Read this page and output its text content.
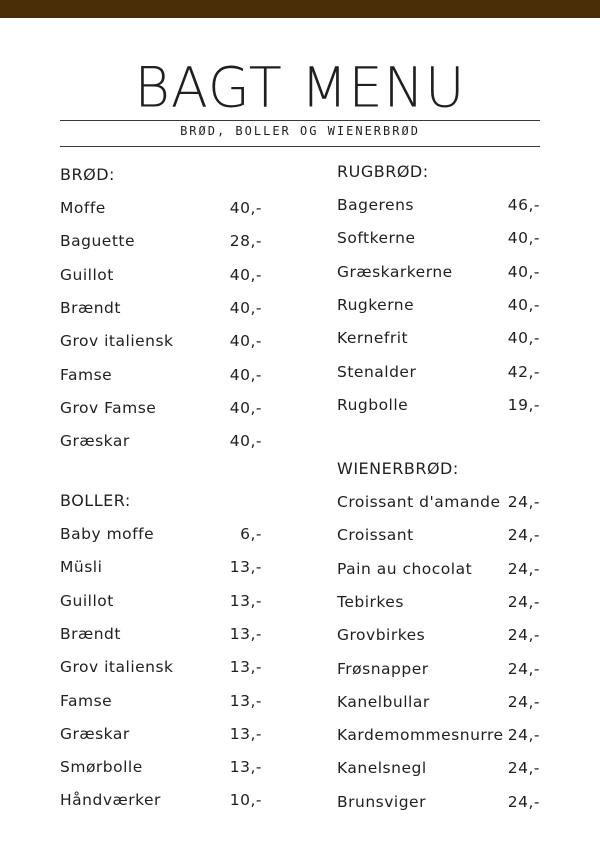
BAGT MENU
BRØD, BOLLER OG WIENERBRØD
BRØD:
Moffe	40,-
Baguette	28,-
Guillot	40,-
Brændt	40,-
Grov italiensk	40,-
Famse	40,-
Grov Famse	40,-
Græskar	40,-
BOLLER:
Baby moffe	6,-
Müsli	13,-
Guillot	13,-
Brændt	13,-
Grov italiensk	13,-
Famse	13,-
Græskar	13,-
Smørbolle	13,-
Håndværker	10,-
RUGBRØD:
Bagerens	46,-
Softkerne	40,-
Græskarkerne	40,-
Rugkerne	40,-
Kernefrit	40,-
Stenalder	42,-
Rugbolle	19,-
WIENERBRØD:
Croissant d'amande 24,-
Croissant	24,-
Pain au chocolat 24,-
Tebirkes	24,-
Grovbirkes	24,-
Frøsnapper	24,-
Kanelbullar	24,-
Kardemommesnurre 24,-
Kanelsnegl	24,-
Brunsviger	24,-
